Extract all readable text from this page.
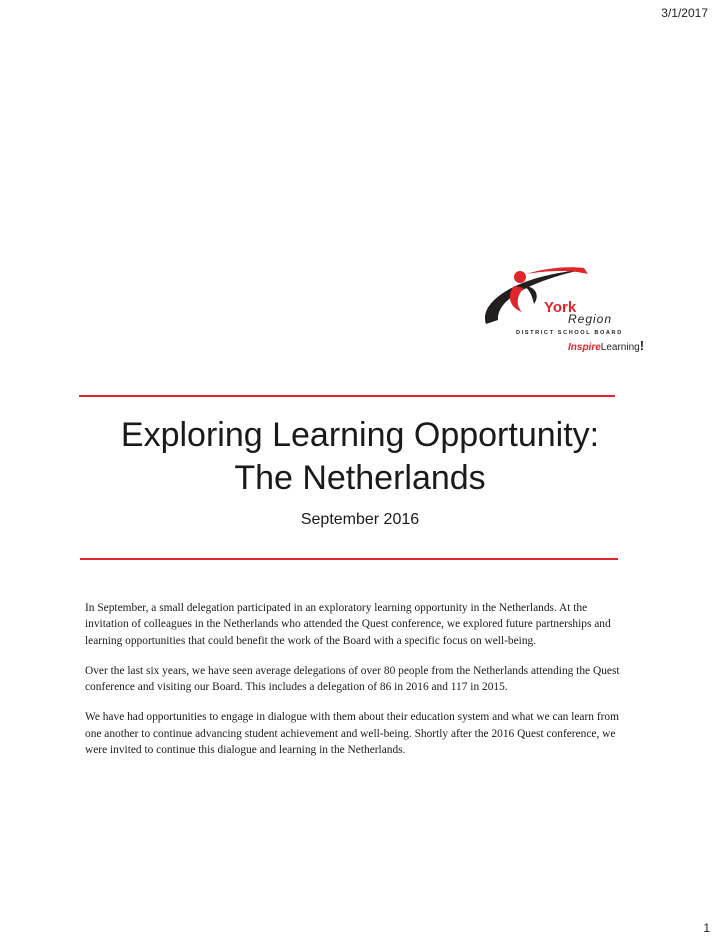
3/1/2017
York
Region
DISTRICT SCHOOL BOARD
InspireLearning!
Exploring Learning Opportunity:
The Netherlands
September 2016

In September, a small delegation participated in an exploratory learning opportunity in the Netherlands. At the invitation of colleagues in the Netherlands who attended the Quest conference, we explored future partnerships and learning opportunities that could benefit the work of the Board with a specific focus on well-being.

Over the last six years, we have seen average delegations of over 80 people from the Netherlands attending the Quest conference and visiting our Board. This includes a delegation of 86 in 2016 and 117 in 2015.

We have had opportunities to engage in dialogue with them about their education system and what we can learn from one another to continue advancing student achievement and well-being. Shortly after the 2016 Quest conference, we were invited to continue this dialogue and learning in the Netherlands.

1
